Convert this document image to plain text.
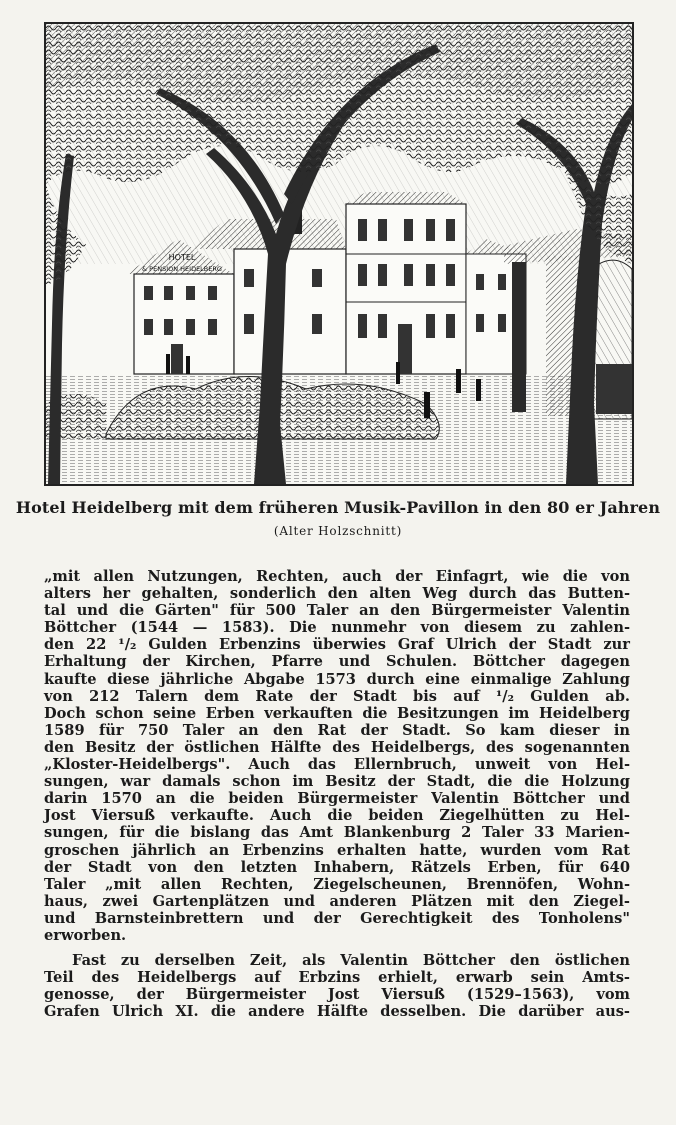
HOTEL
& PENSION HEIDELBERG
Hotel Heidelberg mit dem früheren Musik-Pavillon in den 80 er Jahren
(Alter Holzschnitt)
„mit allen Nutzungen, Rechten, auch der Einfagrt, wie die von
alters her gehalten, sonderlich den alten Weg durch das Butten-
tal und die Gärten" für 500 Taler an den Bürgermeister Valentin
Böttcher (1544 — 1583). Die nunmehr von diesem zu zahlen-
den 22 ¹/₂ Gulden Erbenzins überwies Graf Ulrich der Stadt zur
Erhaltung der Kirchen, Pfarre und Schulen. Böttcher dagegen
kaufte diese jährliche Abgabe 1573 durch eine einmalige Zahlung
von 212 Talern dem Rate der Stadt bis auf ¹/₂ Gulden ab.
Doch schon seine Erben verkauften die Besitzungen im Heidelberg
1589 für 750 Taler an den Rat der Stadt. So kam dieser in
den Besitz der östlichen Hälfte des Heidelbergs, des sogenannten
„Kloster-Heidelbergs". Auch das Ellernbruch, unweit von Hel-
sungen, war damals schon im Besitz der Stadt, die die Holzung
darin 1570 an die beiden Bürgermeister Valentin Böttcher und
Jost Viersuß verkaufte. Auch die beiden Ziegelhütten zu Hel-
sungen, für die bislang das Amt Blankenburg 2 Taler 33 Marien-
groschen jährlich an Erbenzins erhalten hatte, wurden vom Rat
der Stadt von den letzten Inhabern, Rätzels Erben, für 640
Taler „mit allen Rechten, Ziegelscheunen, Brennöfen, Wohn-
haus, zwei Gartenplätzen und anderen Plätzen mit den Ziegel-
und Barnsteinbrettern und der Gerechtigkeit des Tonholens"
erworben.
Fast zu derselben Zeit, als Valentin Böttcher den östlichen
Teil des Heidelbergs auf Erbzins erhielt, erwarb sein Amts-
genosse, der Bürgermeister Jost Viersuß (1529–1563), vom
Grafen Ulrich XI. die andere Hälfte desselben. Die darüber aus-
